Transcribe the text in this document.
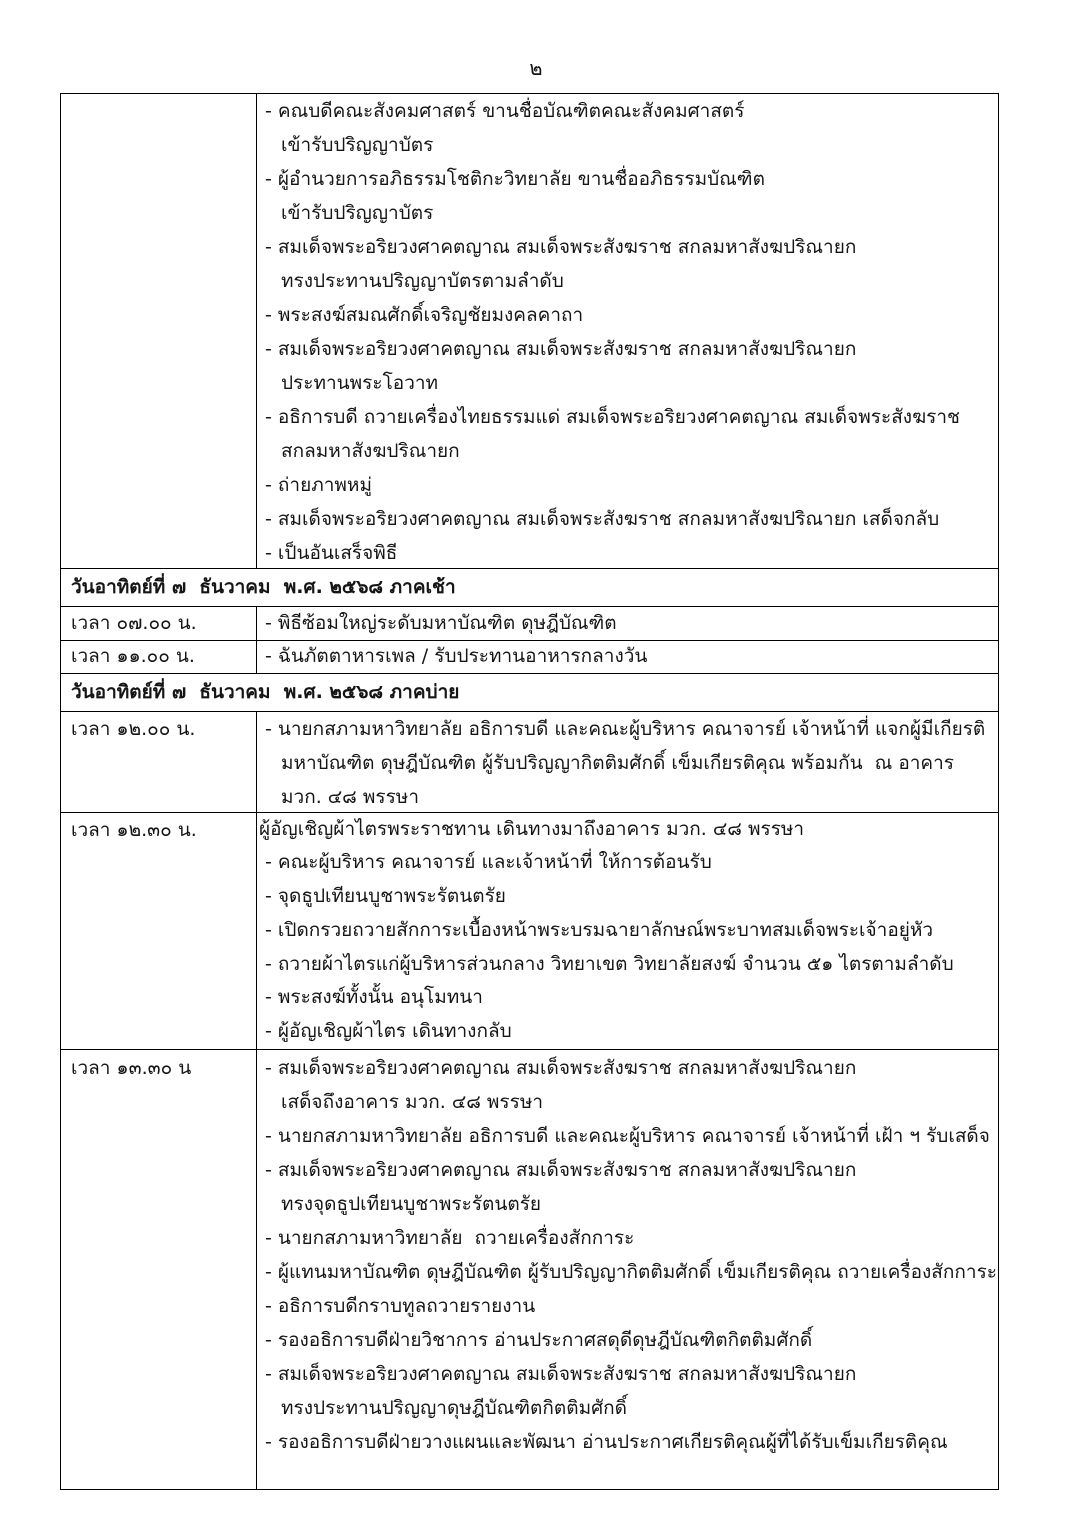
๒
- คณบดีคณะสังคมศาสตร์ ขานชื่อบัณฑิตคณะสังคมศาสตร์
เข้ารับปริญญาบัตร
- ผู้อำนวยการอภิธรรมโชติกะวิทยาลัย ขานชื่ออภิธรรมบัณฑิต
เข้ารับปริญญาบัตร
- สมเด็จพระอริยวงศาคตญาณ สมเด็จพระสังฆราช สกลมหาสังฆปริณายก
ทรงประทานปริญญาบัตรตามลำดับ
- พระสงฆ์สมณศักดิ์เจริญชัยมงคลคาถา
- สมเด็จพระอริยวงศาคตญาณ สมเด็จพระสังฆราช สกลมหาสังฆปริณายก
ประทานพระโอวาท
- อธิการบดี ถวายเครื่องไทยธรรมแด่ สมเด็จพระอริยวงศาคตญาณ สมเด็จพระสังฆราช
สกลมหาสังฆปริณายก
- ถ่ายภาพหมู่
- สมเด็จพระอริยวงศาคตญาณ สมเด็จพระสังฆราช สกลมหาสังฆปริณายก เสด็จกลับ
- เป็นอันเสร็จพิธี
วันอาทิตย์ที่ ๗  ธันวาคม  พ.ศ. ๒๕๖๘ ภาคเช้า
เวลา ๐๗.๐๐ น.	- พิธีซ้อมใหญ่ระดับมหาบัณฑิต ดุษฎีบัณฑิต
เวลา ๑๑.๐๐ น.	- ฉันภัตตาหารเพล / รับประทานอาหารกลางวัน
วันอาทิตย์ที่ ๗  ธันวาคม  พ.ศ. ๒๕๖๘ ภาคบ่าย
เวลา ๑๒.๐๐ น.	- นายกสภามหาวิทยาลัย อธิการบดี และคณะผู้บริหาร คณาจารย์ เจ้าหน้าที่ แจกผู้มีเกียรติ
มหาบัณฑิต ดุษฎีบัณฑิต ผู้รับปริญญากิตติมศักดิ์ เข็มเกียรติคุณ พร้อมกัน  ณ อาคาร
มวก. ๔๘ พรรษา
เวลา ๑๒.๓๐ น.	ผู้อัญเชิญผ้าไตรพระราชทาน เดินทางมาถึงอาคาร มวก. ๔๘ พรรษา
- คณะผู้บริหาร คณาจารย์ และเจ้าหน้าที่ ให้การต้อนรับ
- จุดธูปเทียนบูชาพระรัตนตรัย
- เปิดกรวยถวายสักการะเบื้องหน้าพระบรมฉายาลักษณ์พระบาทสมเด็จพระเจ้าอยู่หัว
- ถวายผ้าไตรแก่ผู้บริหารส่วนกลาง วิทยาเขต วิทยาลัยสงฆ์ จำนวน ๕๑ ไตรตามลำดับ
- พระสงฆ์ทั้งนั้น อนุโมทนา
- ผู้อัญเชิญผ้าไตร เดินทางกลับ
เวลา ๑๓.๓๐ น	- สมเด็จพระอริยวงศาคตญาณ สมเด็จพระสังฆราช สกลมหาสังฆปริณายก
เสด็จถึงอาคาร มวก. ๔๘ พรรษา
- นายกสภามหาวิทยาลัย อธิการบดี และคณะผู้บริหาร คณาจารย์ เจ้าหน้าที่ เฝ้า ฯ รับเสด็จ
- สมเด็จพระอริยวงศาคตญาณ สมเด็จพระสังฆราช สกลมหาสังฆปริณายก
ทรงจุดธูปเทียนบูชาพระรัตนตรัย
- นายกสภามหาวิทยาลัย  ถวายเครื่องสักการะ
- ผู้แทนมหาบัณฑิต ดุษฎีบัณฑิต ผู้รับปริญญากิตติมศักดิ์ เข็มเกียรติคุณ ถวายเครื่องสักการะ
- อธิการบดีกราบทูลถวายรายงาน
- รองอธิการบดีฝ่ายวิชาการ อ่านประกาศสดุดีดุษฎีบัณฑิตกิตติมศักดิ์
- สมเด็จพระอริยวงศาคตญาณ สมเด็จพระสังฆราช สกลมหาสังฆปริณายก
ทรงประทานปริญญาดุษฎีบัณฑิตกิตติมศักดิ์
- รองอธิการบดีฝ่ายวางแผนและพัฒนา อ่านประกาศเกียรติคุณผู้ที่ได้รับเข็มเกียรติคุณ
